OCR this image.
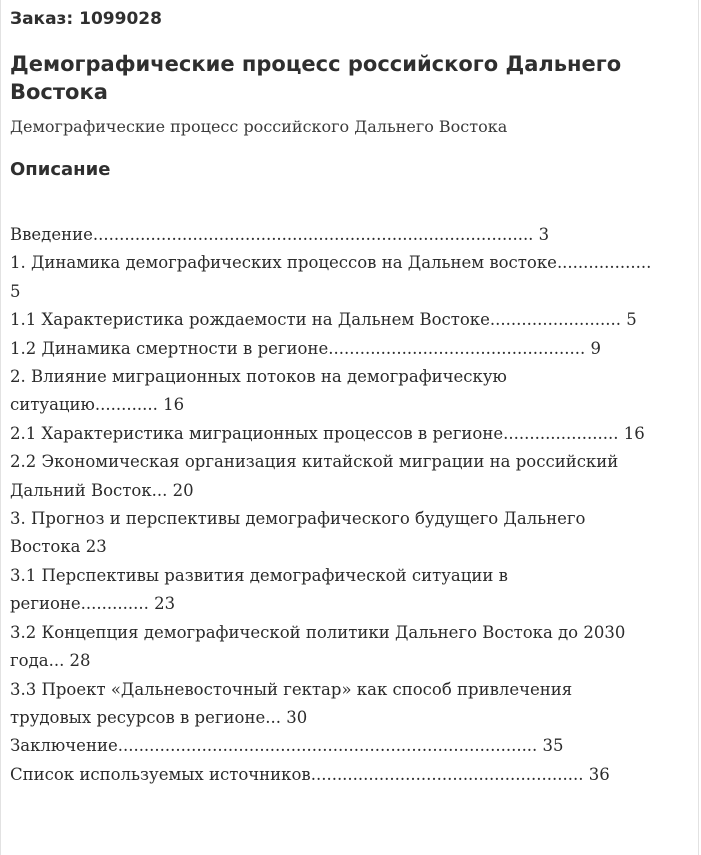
Заказ: 1099028
Демографические процесс российского Дальнего Востока
Демографические процесс российского Дальнего Востока
Описание
Введение.................................................................................... 3
1. Динамика демографических процессов на Дальнем востоке..................
5
1.1 Характеристика рождаемости на Дальнем Востоке......................... 5
1.2 Динамика смертности в регионе................................................. 9
2. Влияние миграционных потоков на демографическую
ситуацию............ 16
2.1 Характеристика миграционных процессов в регионе...................... 16
2.2 Экономическая организация китайской миграции на российский
Дальний Восток... 20
3. Прогноз и перспективы демографического будущего Дальнего
Востока 23
3.1 Перспективы развития демографической ситуации в
регионе............. 23
3.2 Концепция демографической политики Дальнего Востока до 2030
года... 28
3.3 Проект «Дальневосточный гектар» как способ привлечения
трудовых ресурсов в регионе... 30
Заключение................................................................................ 35
Список используемых источников.................................................... 36
